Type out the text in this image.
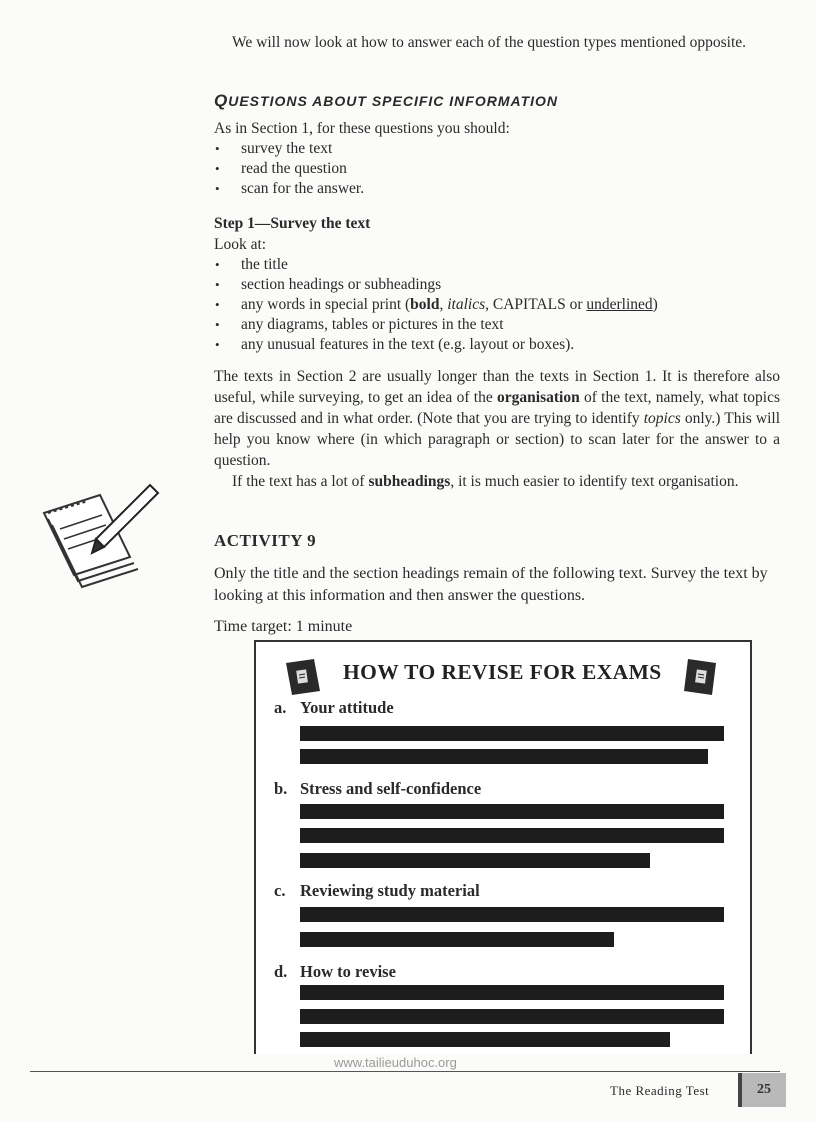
We will now look at how to answer each of the question types mentioned opposite.

QUESTIONS ABOUT SPECIFIC INFORMATION

As in Section 1, for these questions you should:

• survey the text
• read the question
• scan for the answer.

Step 1—Survey the text

Look at:

• the title
• section headings or subheadings
• any words in special print (bold, italics, CAPITALS or underlined)
• any diagrams, tables or pictures in the text
• any unusual features in the text (e.g. layout or boxes).

The texts in Section 2 are usually longer than the texts in Section 1. It is therefore also useful, while surveying, to get an idea of the organisation of the text, namely, what topics are discussed and in what order. (Note that you are trying to identify topics only.) This will help you know where (in which paragraph or section) to scan later for the answer to a question.

If the text has a lot of subheadings, it is much easier to identify text organisation.

ACTIVITY 9

Only the title and the section headings remain of the following text. Survey the text by looking at this information and then answer the questions.

Time target: 1 minute

HOW TO REVISE FOR EXAMS
a. Your attitude
b. Stress and self-confidence
c. Reviewing study material
d. How to revise
www.tailieuduhoc.org
The Reading Test	25
